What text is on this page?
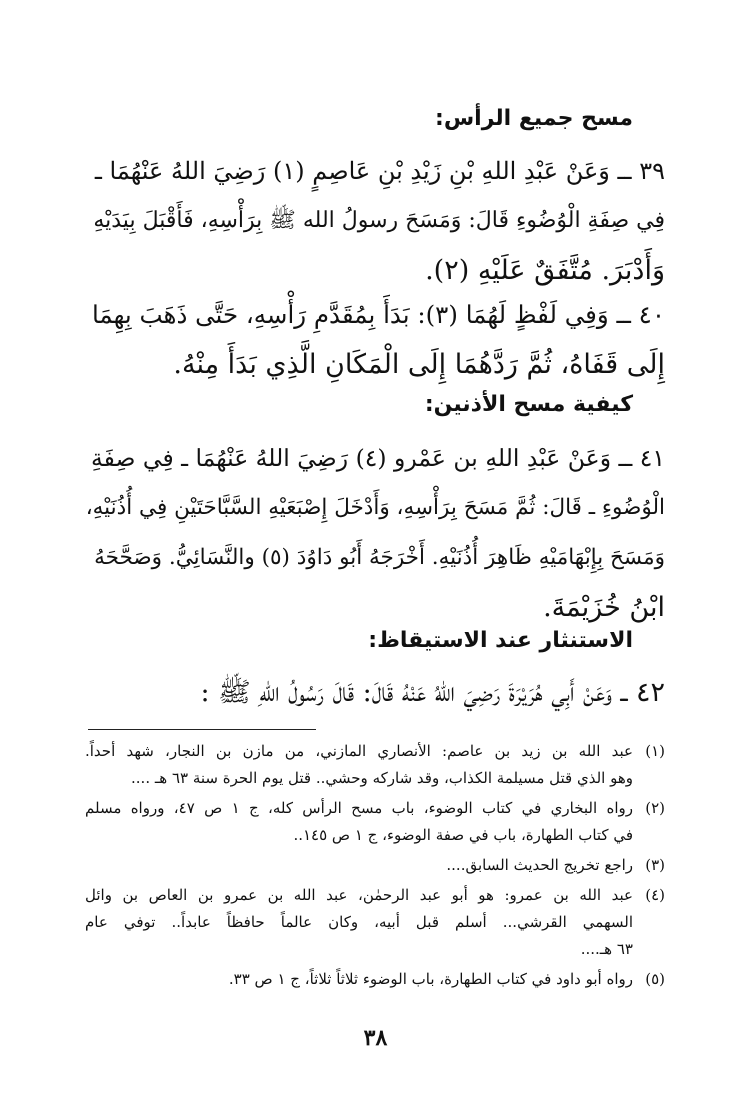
مسح جميع الرأس:
٣٩ ــ وَعَنْ عَبْدِ اللهِ بْنِ زَيْدِ بْنِ عَاصِمٍ (١) رَضِيَ اللهُ عَنْهُمَا ـ
فِي صِفَةِ الْوُضُوءِ قَالَ: وَمَسَحَ رسولُ الله ﷺ بِرَأْسِهِ، فَأَقْبَلَ بِيَدَيْهِ
وَأَدْبَرَ. مُتَّفَقٌ عَلَيْهِ (٢).
٤٠ ــ وَفِي لَفْظٍ لَهُمَا (٣): بَدَأَ بِمُقَدَّمِ رَأْسِهِ، حَتَّى ذَهَبَ بِهِمَا
إِلَى قَفَاهُ، ثُمَّ رَدَّهُمَا إِلَى الْمَكَانِ الَّذِي بَدَأَ مِنْهُ.
كيفية مسح الأذنين:
٤١ ــ وَعَنْ عَبْدِ اللهِ بن عَمْرو (٤) رَضِيَ اللهُ عَنْهُمَا ـ فِي صِفَةِ
الْوُضُوءِ ـ قَالَ: ثُمَّ مَسَحَ بِرَأْسِهِ، وَأَدْخَلَ إِصْبَعَيْهِ السَّبَّاحَتَيْنِ فِي أُذُنَيْهِ،
وَمَسَحَ بِإِبْهَامَيْهِ ظَاهِرَ أُذُنَيْهِ. أَخْرَجَهُ أَبُو دَاوُدَ (٥) والنَّسَائِيُّ. وَصَحَّحَهُ
ابْنُ خُزَيْمَةَ.
الاستنثار عند الاستيقاظ:
٤٢ ــ وَعَنْ أَبِي هُرَيْرَةَ رَضِيَ اللهُ عَنْهُ قَالَ: قَالَ رَسُولُ اللهِ ﷺ :
(١)
عبد الله بن زيد بن عاصم: الأنصاري المازني، من مازن بن النجار، شهد أحداً.
وهو الذي قتل مسيلمة الكذاب، وقد شاركه وحشي.. قتل يوم الحرة سنة ٦٣ هـ ....
(٢)
رواه البخاري في كتاب الوضوء، باب مسح الرأس كله، ج ١ ص ٤٧، ورواه مسلم
في كتاب الطهارة، باب في صفة الوضوء، ج ١ ص ١٤٥..
(٣)
راجع تخريج الحديث السابق....
(٤)
عبد الله بن عمرو: هو أبو عبد الرحمٰن، عبد الله بن عمرو بن العاص بن وائل
السهمي القرشي... أسلم قبل أبيه، وكان عالماً حافظاً عابداً.. توفي عام
٦٣ هـ....
(٥)
رواه أبو داود في كتاب الطهارة، باب الوضوء ثلاثاً ثلاثاً، ج ١ ص ٣٣.
٣٨
